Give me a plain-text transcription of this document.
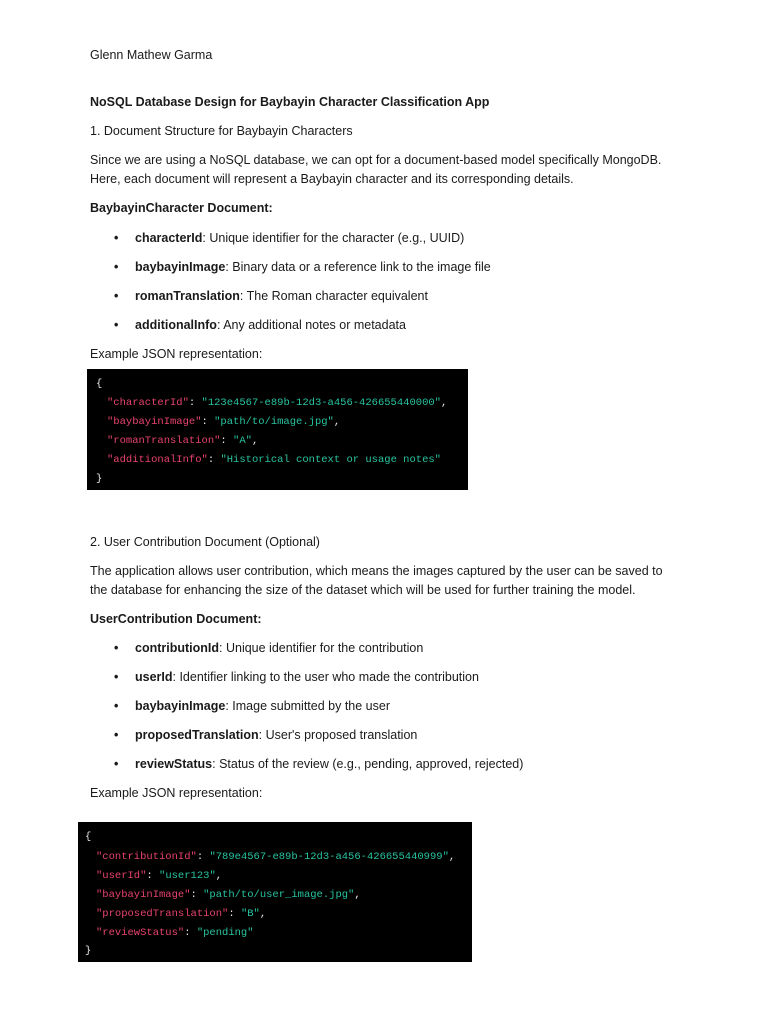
Glenn Mathew Garma
NoSQL Database Design for Baybayin Character Classification App
1. Document Structure for Baybayin Characters
Since we are using a NoSQL database, we can opt for a document-based model specifically MongoDB.
Here, each document will represent a Baybayin character and its corresponding details.
BaybayinCharacter Document:
• characterId: Unique identifier for the character (e.g., UUID)
• baybayinImage: Binary data or a reference link to the image file
• romanTranslation: The Roman character equivalent
• additionalInfo: Any additional notes or metadata
Example JSON representation:
{
"characterId": "123e4567-e89b-12d3-a456-426655440000",
"baybayinImage": "path/to/image.jpg",
"romanTranslation": "A",
"additionalInfo": "Historical context or usage notes"
}
2. User Contribution Document (Optional)
The application allows user contribution, which means the images captured by the user can be saved to
the database for enhancing the size of the dataset which will be used for further training the model.
UserContribution Document:
• contributionId: Unique identifier for the contribution
• userId: Identifier linking to the user who made the contribution
• baybayinImage: Image submitted by the user
• proposedTranslation: User's proposed translation
• reviewStatus: Status of the review (e.g., pending, approved, rejected)
Example JSON representation:
{
"contributionId": "789e4567-e89b-12d3-a456-426655440999",
"userId": "user123",
"baybayinImage": "path/to/user_image.jpg",
"proposedTranslation": "B",
"reviewStatus": "pending"
}
